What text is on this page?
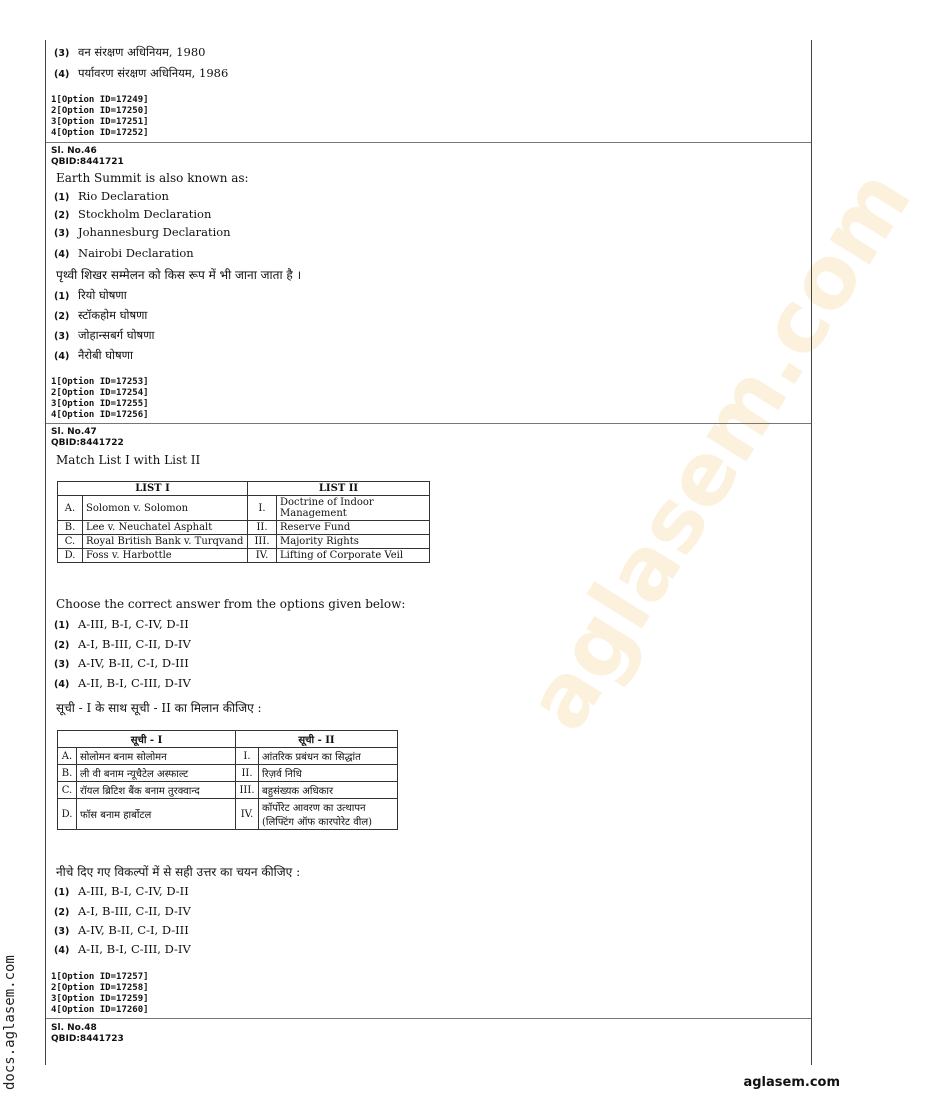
aglasem.com
(3) वन संरक्षण अधिनियम, 1980
(4) पर्यावरण संरक्षण अधिनियम, 1986
1[Option ID=17249]
2[Option ID=17250]
3[Option ID=17251]
4[Option ID=17252]
Sl. No.46
QBID:8441721
Earth Summit is also known as:
(1) Rio Declaration
(2) Stockholm Declaration
(3) Johannesburg Declaration
(4) Nairobi Declaration
पृथ्वी शिखर सम्मेलन को किस रूप में भी जाना जाता है ।
(1) रियो घोषणा
(2) स्टॉकहोम घोषणा
(3) जोहान्सबर्ग घोषणा
(4) नैरोबी घोषणा
1[Option ID=17253]
2[Option ID=17254]
3[Option ID=17255]
4[Option ID=17256]
Sl. No.47
QBID:8441722
Match List I with List II
LIST I		LIST II	
A.	Solomon v. Solomon	I.	Doctrine of Indoor Management
B.	Lee v. Neuchatel Asphalt	II.	Reserve Fund
C.	Royal British Bank v. Turqvand	III.	Majority Rights
D.	Foss v. Harbottle	IV.	Lifting of Corporate Veil
Choose the correct answer from the options given below:
(1) A-III, B-I, C-IV, D-II
(2) A-I, B-III, C-II, D-IV
(3) A-IV, B-II, C-I, D-III
(4) A-II, B-I, C-III, D-IV
सूची - I के साथ सूची - II का मिलान कीजिए :
सूची - I		सूची - II	
A.	सोलोमन बनाम सोलोमन	I.	आंतरिक प्रबंधन का सिद्धांत
B.	ली वी बनाम न्यूचैटेल अस्फाल्ट	II.	रिज़र्व निधि
C.	रॉयल ब्रिटिश बैंक बनाम तुरक्वान्द	III.	बहुसंख्यक अधिकार
D.	फॉस बनाम हार्बोटल	IV.	कॉर्पोरेट आवरण का उत्थापन (लिफ्टिंग ऑफ कारपोरेट वील)
नीचे दिए गए विकल्पों में से सही उत्तर का चयन कीजिए :
(1) A-III, B-I, C-IV, D-II
(2) A-I, B-III, C-II, D-IV
(3) A-IV, B-II, C-I, D-III
(4) A-II, B-I, C-III, D-IV
1[Option ID=17257]
2[Option ID=17258]
3[Option ID=17259]
4[Option ID=17260]
Sl. No.48
QBID:8441723
docs.aglasem.com	aglasem.com
